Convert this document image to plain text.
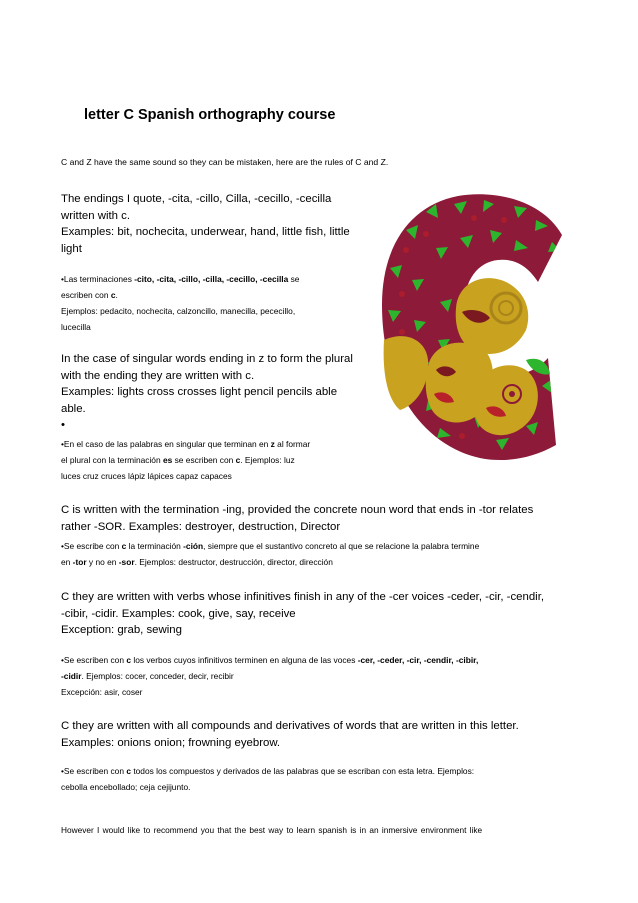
letter C Spanish orthography course

C and Z have the same sound so they can be mistaken, here are the rules of C and Z.

The endings I quote, -cita, -cillo, Cilla, -cecillo, -cecilla
written with c.
Examples: bit, nochecita, underwear, hand, little fish, little
light
•Las terminaciones -cito, -cita, -cillo, -cilla, -cecillo, -cecilla se
escriben con c.
Ejemplos: pedacito, nochecita, calzoncillo, manecilla, pececillo,
lucecilla
In the case of singular words ending in z to form the plural
with the ending they are written with c.
Examples: lights cross crosses light pencil pencils able
able.
•
•En el caso de las palabras en singular que terminan en z al formar
el plural con la terminación es se escriben con c. Ejemplos: luz
luces cruz cruces lápiz lápices capaz capaces
C is written with the termination -ing, provided the concrete noun word that ends in -tor relates
rather -SOR. Examples: destroyer, destruction, Director
•Se escribe con c la terminación -ción, siempre que el sustantivo concreto al que se relacione la palabra termine
en -tor y no en -sor. Ejemplos: destructor, destrucción, director, dirección
C they are written with verbs whose infinitives finish in any of the -cer voices -ceder, -cir, -cendir,
-cibir, -cidir. Examples: cook, give, say, receive
Exception: grab, sewing
•Se escriben con c los verbos cuyos infinitivos terminen en alguna de las voces -cer, -ceder, -cir, -cendir, -cibir,
-cidir. Ejemplos: cocer, conceder, decir, recibir
Excepción: asir, coser
C they are written with all compounds and derivatives of words that are written in this letter.
Examples: onions onion; frowning eyebrow.
•Se escriben con c todos los compuestos y derivados de las palabras que se escriban con esta letra. Ejemplos:
cebolla encebollado; ceja cejijunto.

However I would like to recommend you that the best way to learn spanish is in an inmersive environment like
